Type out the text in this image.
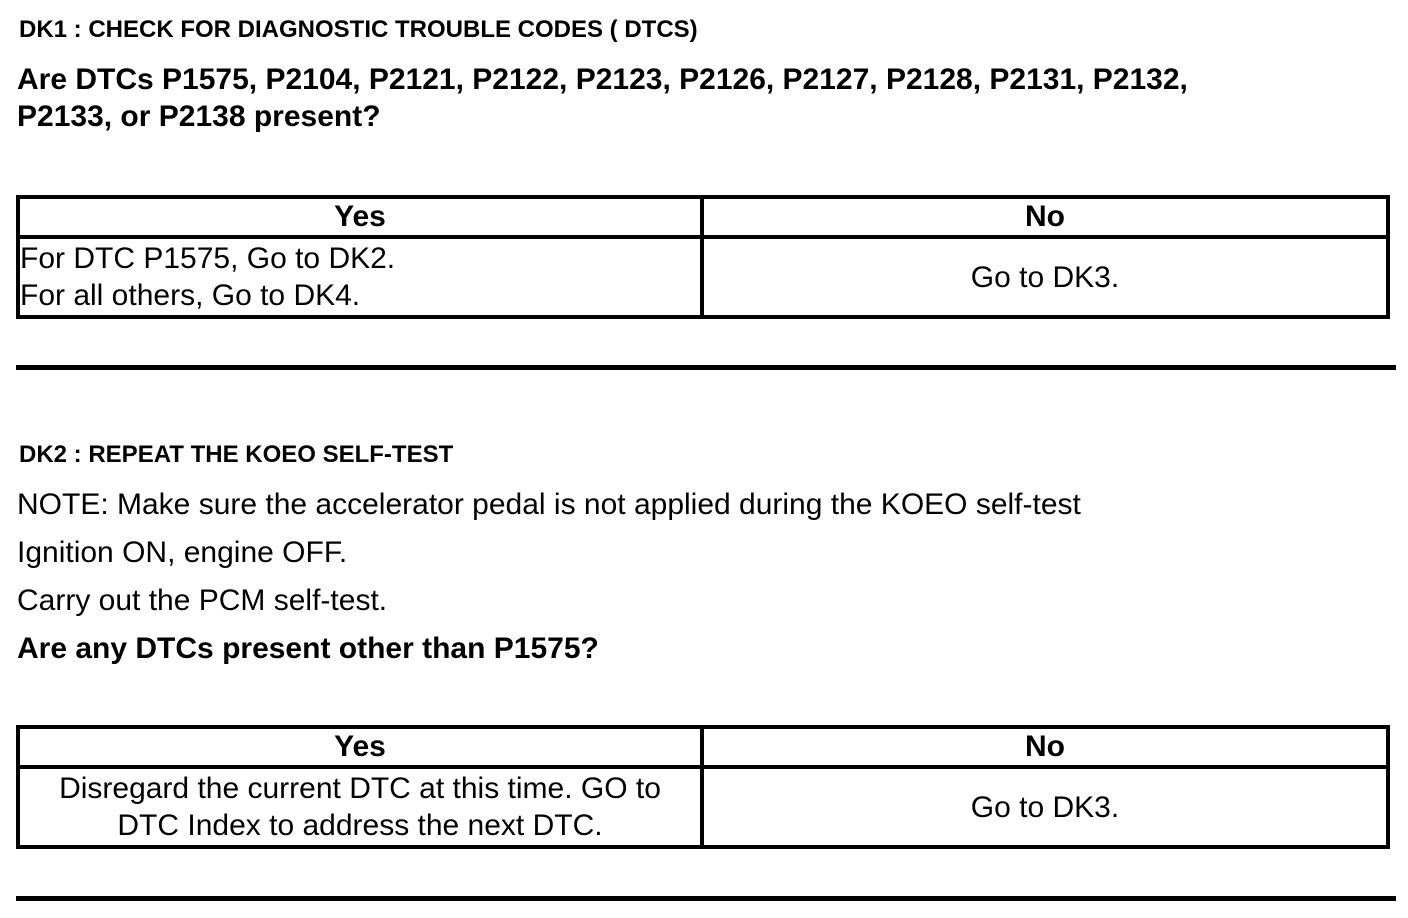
DK1 : CHECK FOR DIAGNOSTIC TROUBLE CODES ( DTCS)
Are DTCs P1575, P2104, P2121, P2122, P2123, P2126, P2127, P2128, P2131, P2132,
P2133, or P2138 present?
Yes	No

For DTC P1575, Go to DK2.
For all others, Go to DK4.	Go to DK3.
DK2 : REPEAT THE KOEO SELF-TEST
NOTE: Make sure the accelerator pedal is not applied during the KOEO self-test
Ignition ON, engine OFF.
Carry out the PCM self-test.
Are any DTCs present other than P1575?
Yes	No

Disregard the current DTC at this time. GO to
DTC Index to address the next DTC.	Go to DK3.
